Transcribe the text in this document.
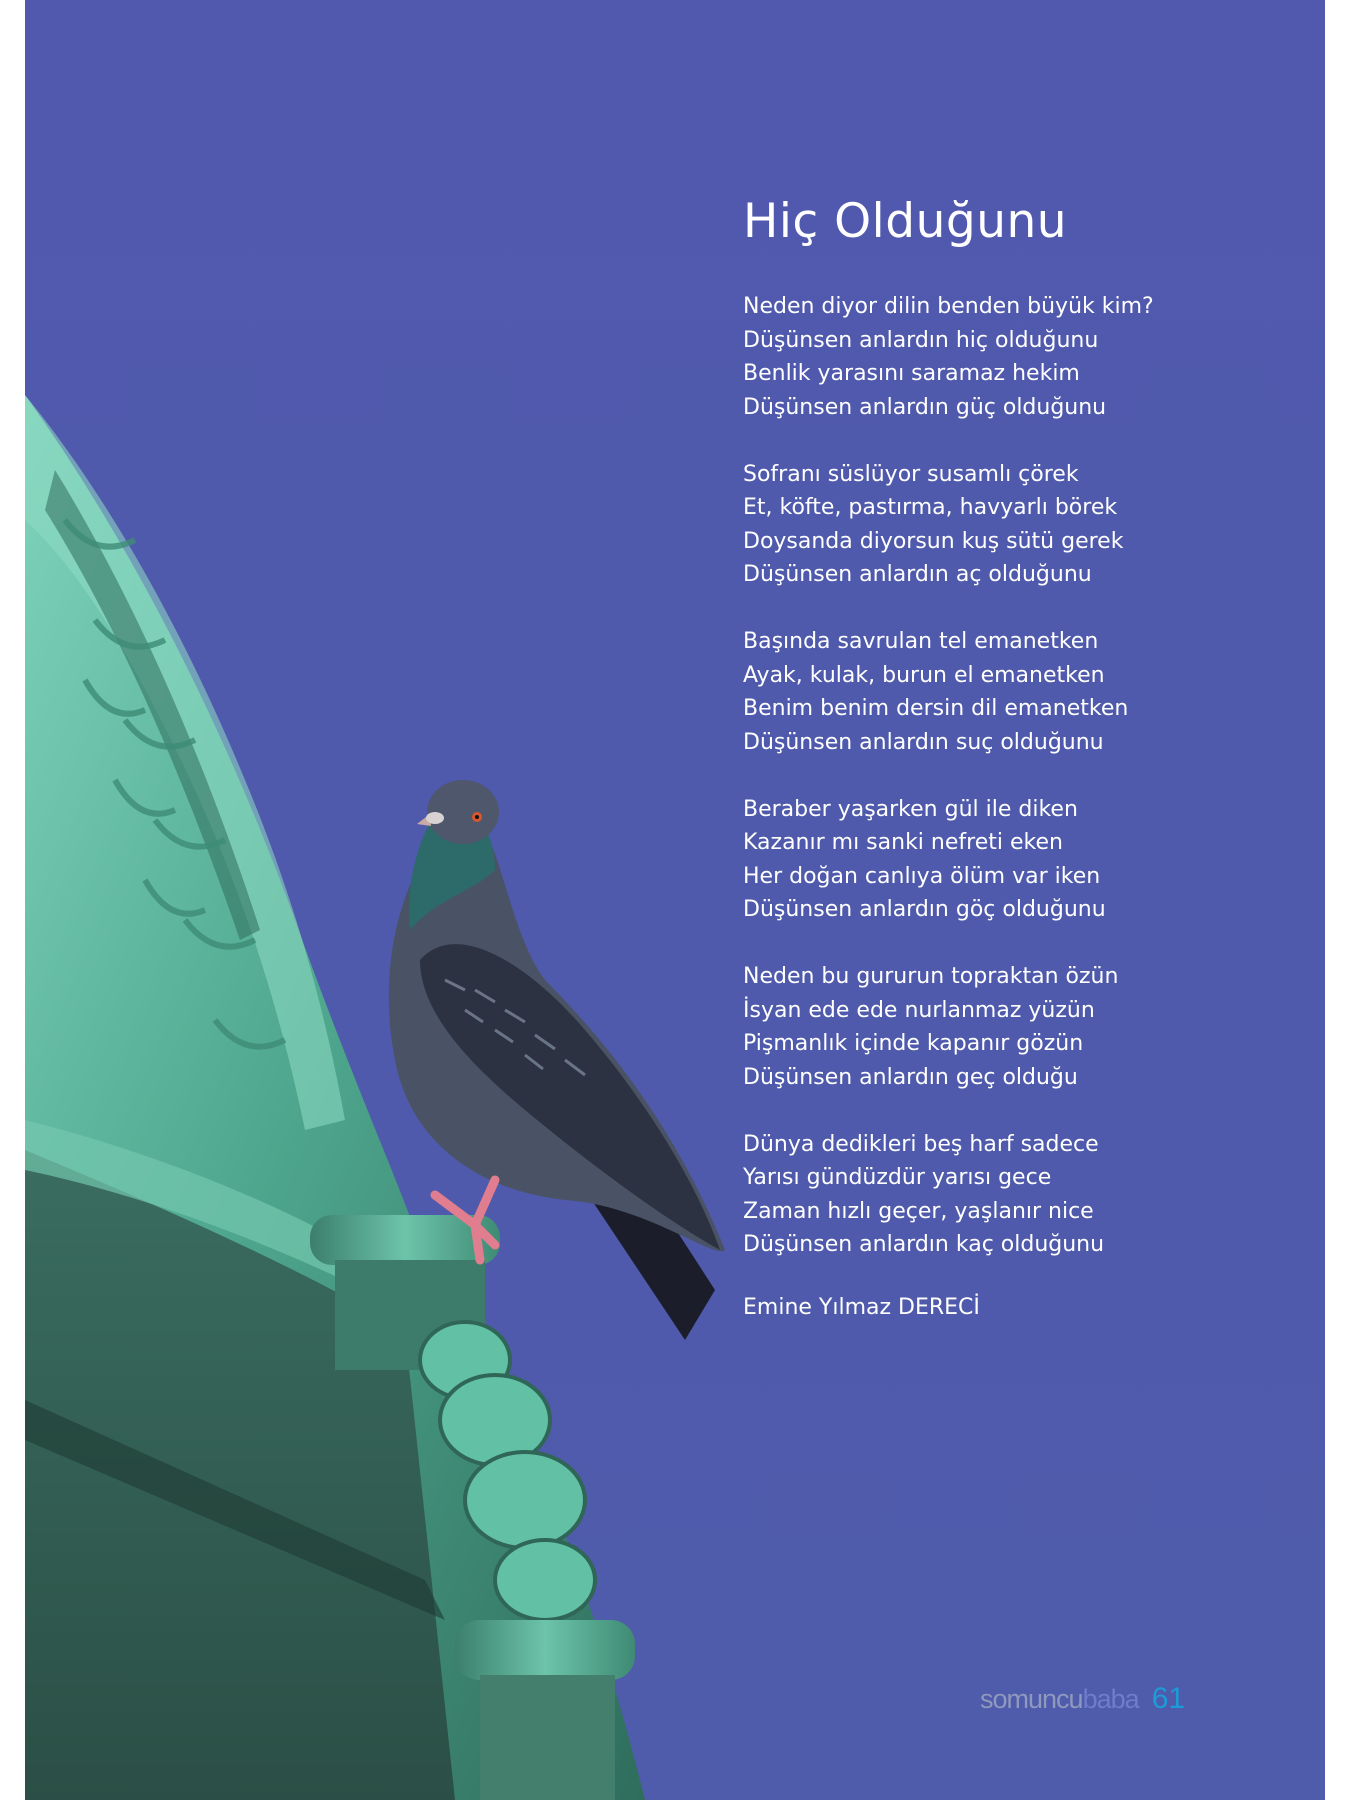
Hiç Olduğunu

Neden diyor dilin benden büyük kim?
Düşünsen anlardın hiç olduğunu
Benlik yarasını saramaz hekim
Düşünsen anlardın güç olduğunu

Sofranı süslüyor susamlı çörek
Et, köfte, pastırma, havyarlı börek
Doysanda diyorsun kuş sütü gerek
Düşünsen anlardın aç olduğunu

Başında savrulan tel emanetken
Ayak, kulak, burun el emanetken
Benim benim dersin dil emanetken
Düşünsen anlardın suç olduğunu

Beraber yaşarken gül ile diken
Kazanır mı sanki nefreti eken
Her doğan canlıya ölüm var iken
Düşünsen anlardın göç olduğunu

Neden bu gururun topraktan özün
İsyan ede ede nurlanmaz yüzün
Pişmanlık içinde kapanır gözün
Düşünsen anlardın geç olduğu

Dünya dedikleri beş harf sadece
Yarısı gündüzdür yarısı gece
Zaman hızlı geçer, yaşlanır nice
Düşünsen anlardın kaç olduğunu

Emine Yılmaz DERECİ
somuncubaba 61
